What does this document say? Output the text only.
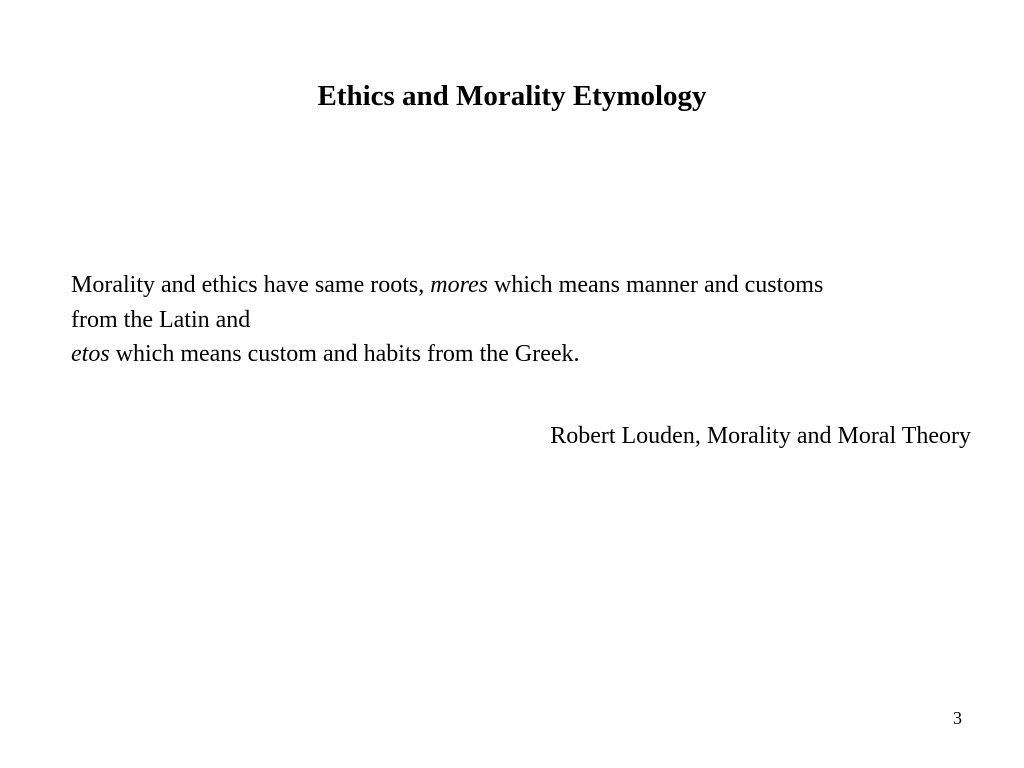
Ethics and Morality Etymology

Morality and ethics have same roots, mores which means manner and customs
from the Latin and
etos which means custom and habits from the Greek.

Robert Louden, Morality and Moral Theory
3
